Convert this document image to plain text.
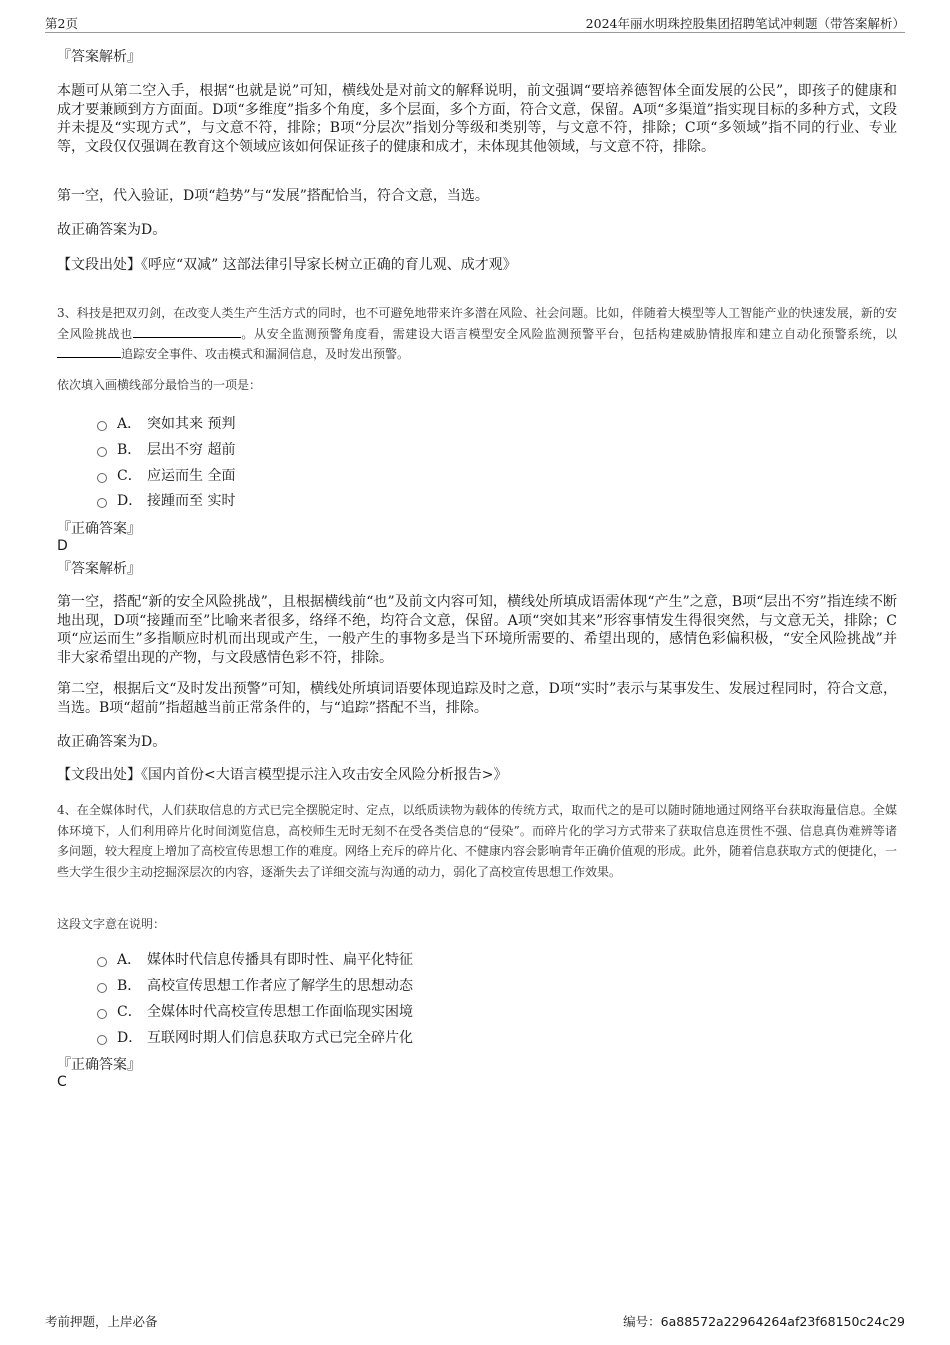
第2页	2024年丽水明珠控股集团招聘笔试冲刺题（带答案解析）
『答案解析』
本题可从第二空入手，根据“也就是说”可知，横线处是对前文的解释说明，前文强调“要培养德智体全面发展的公民”，即孩子的健康和成才要兼顾到方方面面。D项“多维度”指多个角度，多个层面，多个方面，符合文意，保留。A项“多渠道”指实现目标的多种方式，文段并未提及“实现方式”，与文意不符，排除；B项“分层次”指划分等级和类别等，与文意不符，排除；C项“多领域”指不同的行业、专业等，文段仅仅强调在教育这个领域应该如何保证孩子的健康和成才，未体现其他领域，与文意不符，排除。
第一空，代入验证，D项“趋势”与“发展”搭配恰当，符合文意，当选。
故正确答案为D。
【文段出处】《呼应“双减” 这部法律引导家长树立正确的育儿观、成才观》
3、科技是把双刃剑，在改变人类生产生活方式的同时，也不可避免地带来许多潜在风险、社会问题。比如，伴随着大模型等人工智能产业的快速发展，新的安全风险挑战也	。从安全监测预警角度看，需建设大语言模型安全风险监测预警平台，包括构建威胁情报库和建立自动化预警系统，以追踪安全事件、攻击模式和漏洞信息，及时发出预警。
依次填入画横线部分最恰当的一项是：
A． 突如其来 预判
B． 层出不穷 超前
C． 应运而生 全面
D． 接踵而至 实时
『正确答案』
D
『答案解析』
第一空，搭配“新的安全风险挑战”，且根据横线前“也”及前文内容可知，横线处所填成语需体现“产生”之意，B项“层出不穷”指连续不断地出现，D项“接踵而至”比喻来者很多，络绎不绝，均符合文意，保留。A项“突如其来”形容事情发生得很突然，与文意无关，排除；C项“应运而生”多指顺应时机而出现或产生，一般产生的事物多是当下环境所需要的、希望出现的，感情色彩偏积极，“安全风险挑战”并非大家希望出现的产物，与文段感情色彩不符，排除。
第二空，根据后文“及时发出预警”可知，横线处所填词语要体现追踪及时之意，D项“实时”表示与某事发生、发展过程同时，符合文意，当选。B项“超前”指超越当前正常条件的，与“追踪”搭配不当，排除。
故正确答案为D。
【文段出处】《国内首份<大语言模型提示注入攻击安全风险分析报告>》
4、在全媒体时代，人们获取信息的方式已完全摆脱定时、定点，以纸质读物为载体的传统方式，取而代之的是可以随时随地通过网络平台获取海量信息。全媒体环境下，人们利用碎片化时间浏览信息，高校师生无时无刻不在受各类信息的“侵染”。而碎片化的学习方式带来了获取信息连贯性不强、信息真伪难辨等诸多问题，较大程度上增加了高校宣传思想工作的难度。网络上充斥的碎片化、不健康内容会影响青年正确价值观的形成。此外，随着信息获取方式的便捷化，一些大学生很少主动挖掘深层次的内容，逐渐失去了详细交流与沟通的动力，弱化了高校宣传思想工作效果。
这段文字意在说明：
A． 媒体时代信息传播具有即时性、扁平化特征
B． 高校宣传思想工作者应了解学生的思想动态
C． 全媒体时代高校宣传思想工作面临现实困境
D． 互联网时期人们信息获取方式已完全碎片化
『正确答案』
C
考前押题，上岸必备	编号：6a88572a22964264af23f68150c24c29
